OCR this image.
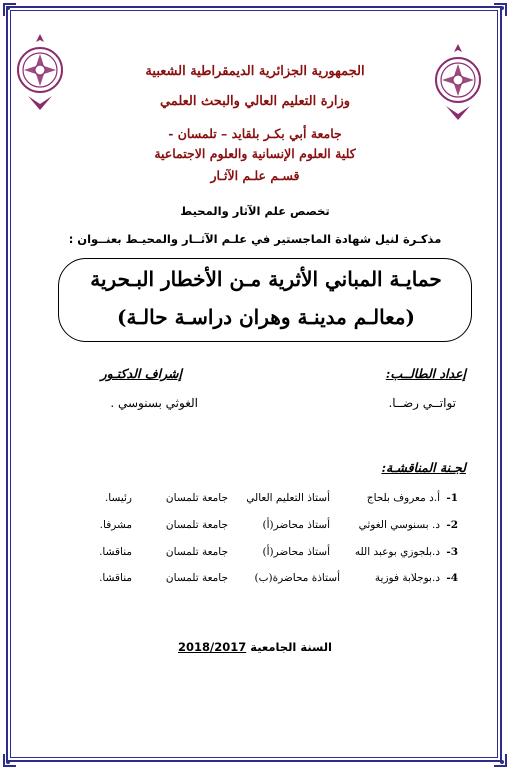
الجمهورية الجزائرية الديمقراطية الشعبية
وزارة التعليم العالي والبحث العلمي
جامعة أبي بكـر بلقايد – تلمسان -
كلية العلوم الإنسانية والعلوم الاجتماعية
قسـم علـم الآثـار
تخصص علم الآثار والمحيط
مذكـرة لنيل شهادة الماجستير في علـم الآثــار والمحيـط بعنــوان :
حمايـة المباني الأثرية مـن الأخطار البـحرية
(معالـم مدينـة وهران دراسـة حالـة)
إعداد الطالــب:
تواتــي رضــا.
إشراف الدكتـور
الغوثي بسنوسي .
لجـنة المناقشـة:
1-
أ.د معروف بلحاج
أستاذ التعليم العالي
جامعة تلمسان
رئيسا.
2-
د. بسنوسي الغوثي
أستاذ محاضر(أ)
جامعة تلمسان
مشرفا.
3-
د.بلجوزي بوعبد الله
أستاذ محاضر(أ)
جامعة تلمسان
مناقشا.
4-
د.بوجلابة فوزية
أستاذة محاضرة(ب)
جامعة تلمسان
مناقشا.
السنة الجامعية 2018/2017
